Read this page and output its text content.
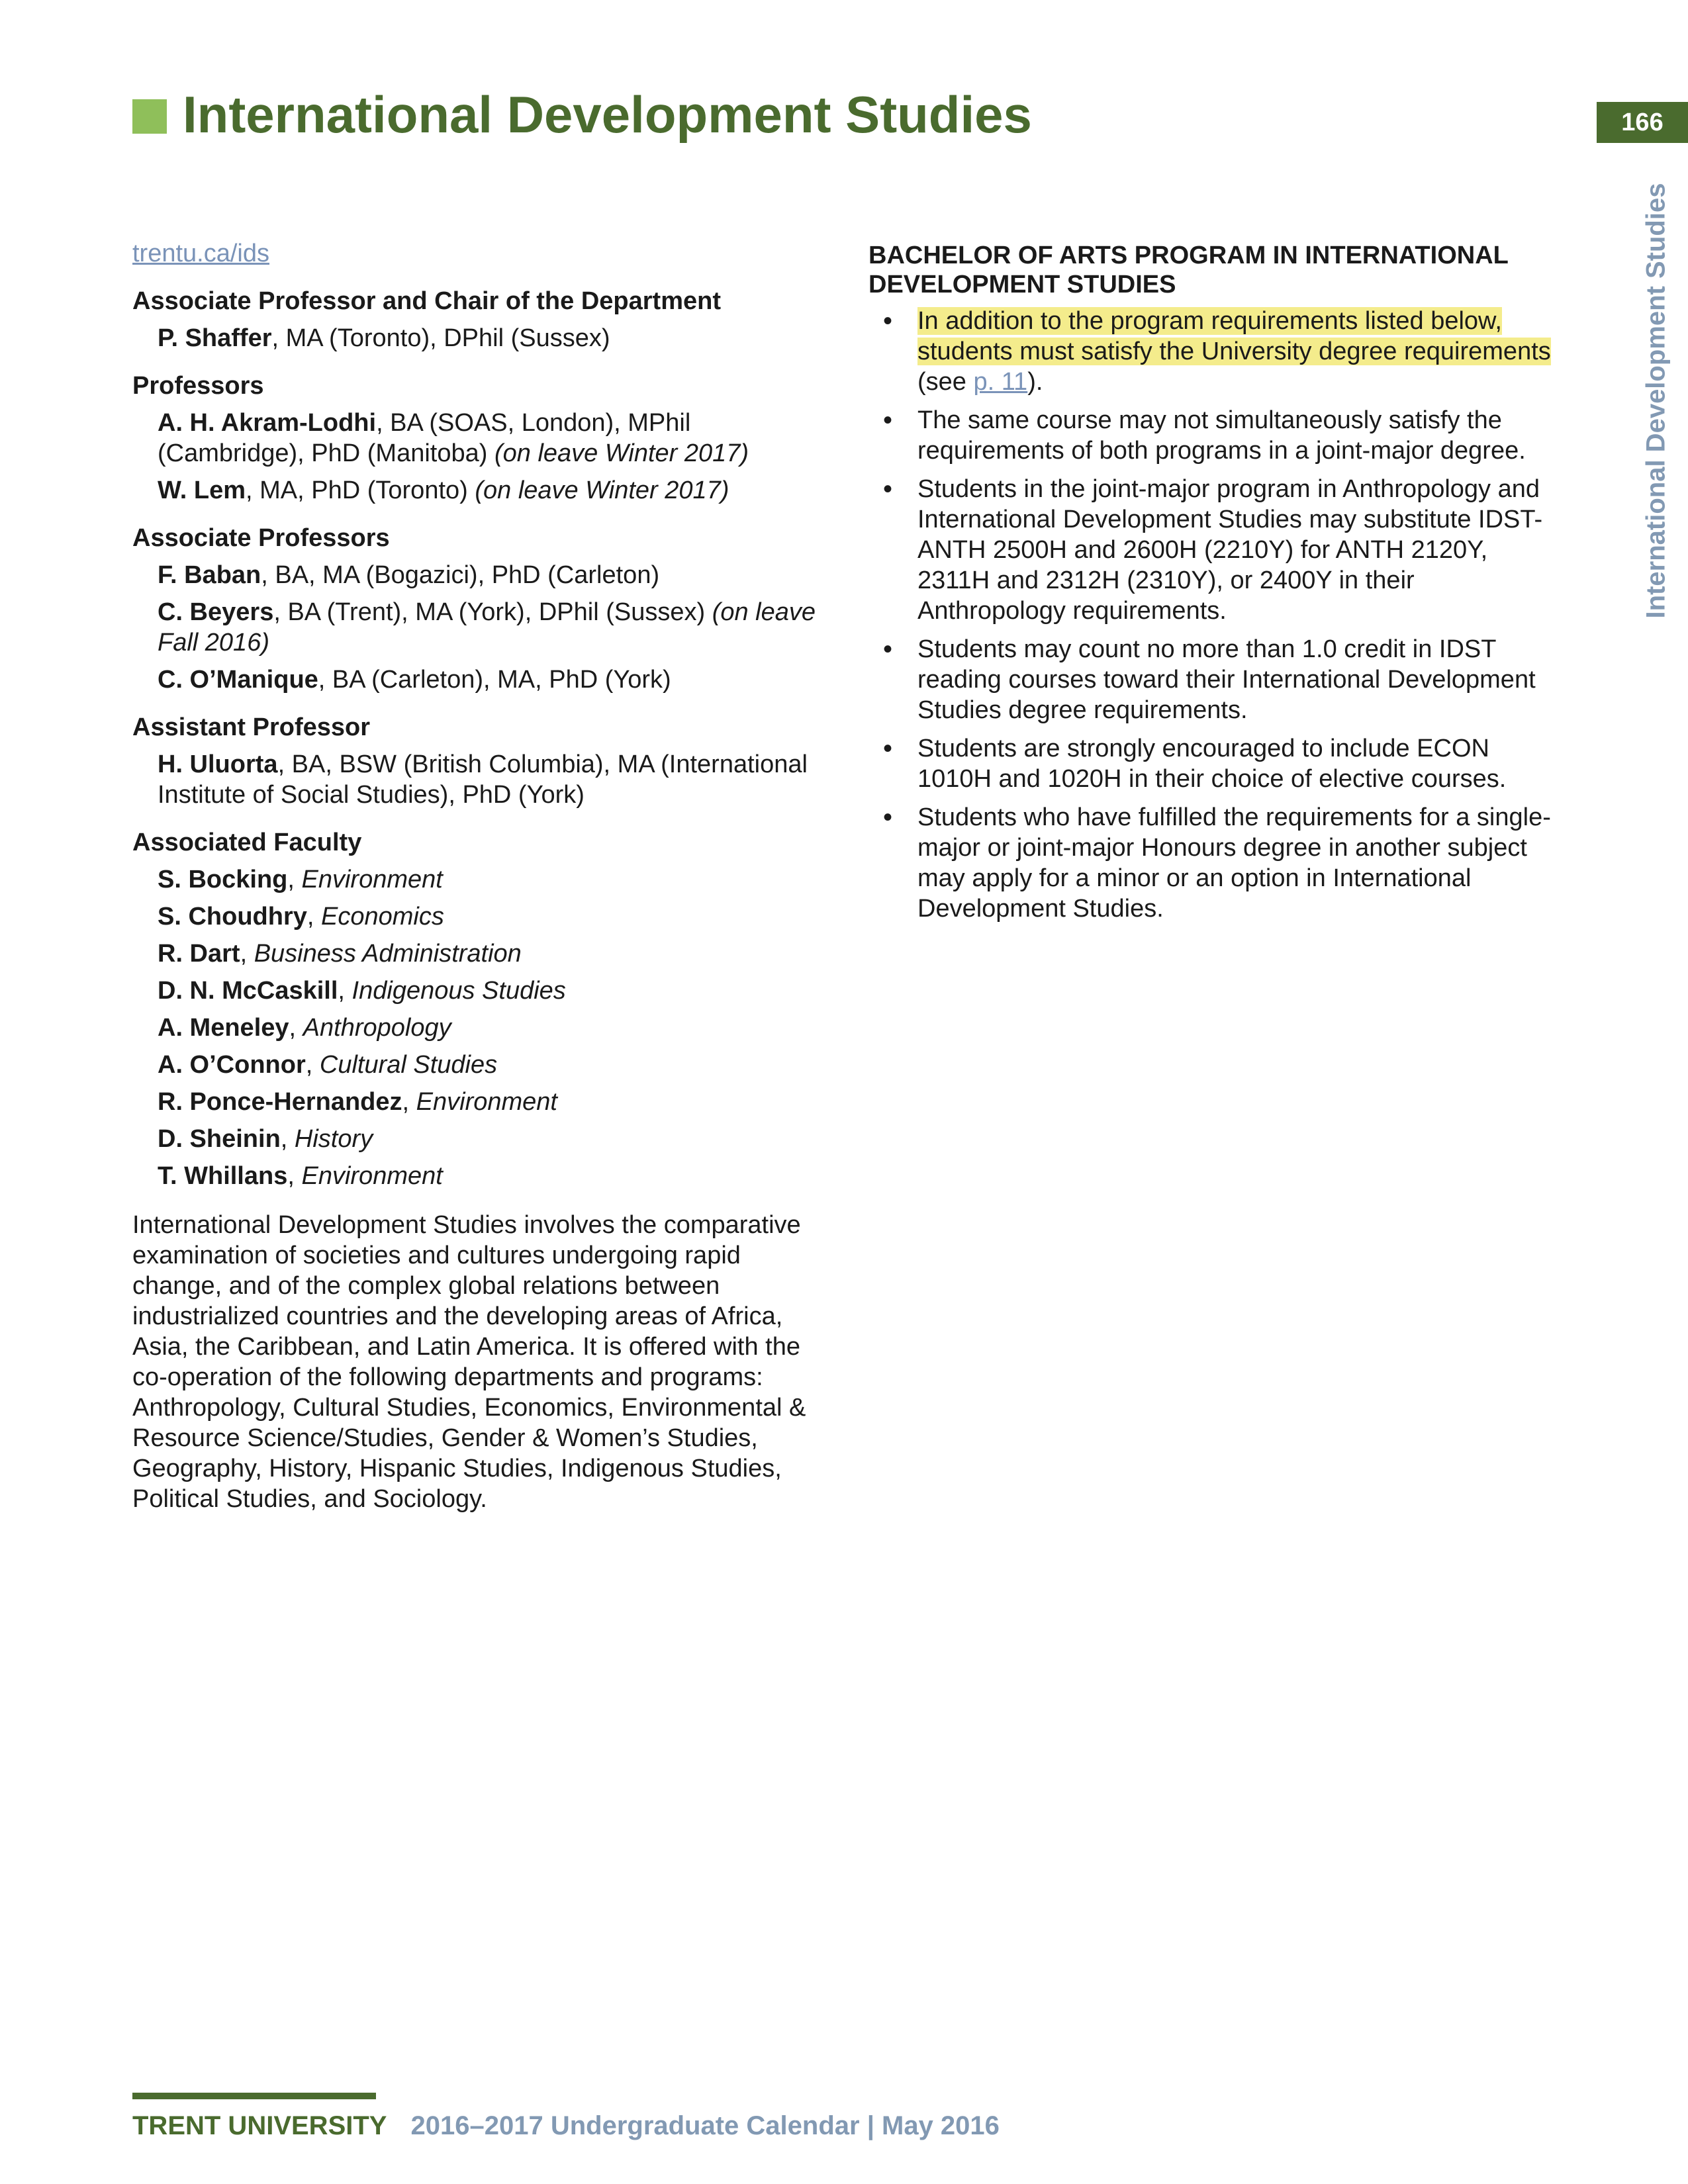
International Development Studies	166
International Development Studies
trentu.ca/ids
Associate Professor and Chair of the Department
P. Shaffer, MA (Toronto), DPhil (Sussex)
Professors
A. H. Akram-Lodhi, BA (SOAS, London), MPhil (Cambridge), PhD (Manitoba) (on leave Winter 2017)
W. Lem, MA, PhD (Toronto) (on leave Winter 2017)
Associate Professors
F. Baban, BA, MA (Bogazici), PhD (Carleton)
C. Beyers, BA (Trent), MA (York), DPhil (Sussex) (on leave Fall 2016)
C. O’Manique, BA (Carleton), MA, PhD (York)
Assistant Professor
H. Uluorta, BA, BSW (British Columbia), MA (International Institute of Social Studies), PhD (York)
Associated Faculty
S. Bocking, Environment
S. Choudhry, Economics
R. Dart, Business Administration
D. N. McCaskill, Indigenous Studies
A. Meneley, Anthropology
A. O’Connor, Cultural Studies
R. Ponce-Hernandez, Environment
D. Sheinin, History
T. Whillans, Environment
International Development Studies involves the comparative examination of societies and cultures undergoing rapid change, and of the complex global relations between industrialized countries and the developing areas of Africa, Asia, the Caribbean, and Latin America. It is offered with the co-operation of the following departments and programs: Anthropology, Cultural Studies, Economics, Environmental & Resource Science/Studies, Gender & Women’s Studies, Geography, History, Hispanic Studies, Indigenous Studies, Political Studies, and Sociology.
BACHELOR OF ARTS PROGRAM IN INTERNATIONAL DEVELOPMENT STUDIES
• In addition to the program requirements listed below, students must satisfy the University degree requirements (see p. 11).
• The same course may not simultaneously satisfy the requirements of both programs in a joint-major degree.
• Students in the joint-major program in Anthropology and International Development Studies may substitute IDST-ANTH 2500H and 2600H (2210Y) for ANTH 2120Y, 2311H and 2312H (2310Y), or 2400Y in their Anthropology requirements.
• Students may count no more than 1.0 credit in IDST reading courses toward their International Development Studies degree requirements.
• Students are strongly encouraged to include ECON 1010H and 1020H in their choice of elective courses.
• Students who have fulfilled the requirements for a single-major or joint-major Honours degree in another subject may apply for a minor or an option in International Development Studies.
TRENT UNIVERSITY 2016–2017 Undergraduate Calendar | May 2016
